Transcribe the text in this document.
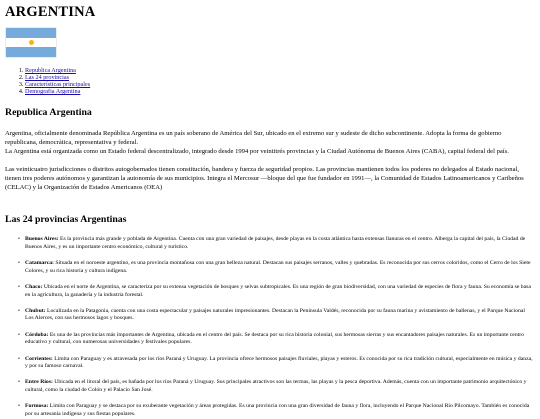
ARGENTINA
1. Republica Argentina
2. Las 24 provincias
3. Características principales
4. Demografia Argentina
Republica Argentina

Argentina, oficialmente denominada República Argentina es un país soberano de América del Sur, ubicado en el extremo sur y sudeste de dicho subcontinente. Adopta la forma de gobierno republicana, democrática, representativa y federal.
La Argentina está organizada como un Estado federal descentralizado, integrado desde 1994 por veintitrés provincias y la Ciudad Autónoma de Buenos Aires (CABA), capital federal del país.

Las veinticuatro jurisdicciones o distritos autogobernados tienen constitución, bandera y fuerza de seguridad propios. Las provincias mantienen todos los poderes no delegados al Estado nacional, tienen tres poderes autónomos y garantizan la autonomía de sus municipios. Integra el Mercosur —bloque del que fue fundador en 1991—, la Comunidad de Estados Latinoamericanos y Caribeños (CELAC) y la Organización de Estados Americanos (OEA)

Las 24 provincias Argentinas
• Buenos Aires: Es la provincia más grande y poblada de Argentina. Cuenta con una gran variedad de paisajes, desde playas en la costa atlántica hasta extensas llanuras en el centro. Alberga la capital del país, la Ciudad de Buenos Aires, y es un importante centro económico, cultural y turístico.
• Catamarca: Situada en el noroeste argentino, es una provincia montañosa con una gran belleza natural. Destacan sus paisajes serranos, valles y quebradas. Es reconocida por sus cerros coloridos, como el Cerro de los Siete Colores, y su rica historia y cultura indígena.
• Chaco: Ubicada en el norte de Argentina, se caracteriza por su extensa vegetación de bosques y selvas subtropicales. Es una región de gran biodiversidad, con una variedad de especies de flora y fauna. Su economía se basa en la agricultura, la ganadería y la industria forestal.
• Chubut: Localizada en la Patagonia, cuenta con una costa espectacular y paisajes naturales impresionantes. Destacan la Península Valdés, reconocida por su fauna marina y avistamiento de ballenas, y el Parque Nacional Los Alerces, con sus hermosos lagos y bosques.
• Córdoba: Es una de las provincias más importantes de Argentina, ubicada en el centro del país. Se destaca por su rica historia colonial, sus hermosas sierras y sus encantadores paisajes naturales. Es un importante centro educativo y cultural, con numerosas universidades y festivales populares.
• Corrientes: Limita con Paraguay y es atravesada por los ríos Paraná y Uruguay. La provincia ofrece hermosos paisajes fluviales, playas y esteros. Es conocida por su rica tradición cultural, especialmente en música y danza, y por su famoso carnaval.
• Entre Ríos: Ubicada en el litoral del país, es bañada por los ríos Paraná y Uruguay. Sus principales atractivos son las termas, las playas y la pesca deportiva. Además, cuenta con un importante patrimonio arquitectónico y cultural, como la ciudad de Colón y el Palacio San José.
• Formosa: Limita con Paraguay y se destaca por su exuberante vegetación y áreas protegidas. Es una provincia con una gran diversidad de fauna y flora, incluyendo el Parque Nacional Río Pilcomayo. También es conocida por su artesanía indígena y sus fiestas populares.
